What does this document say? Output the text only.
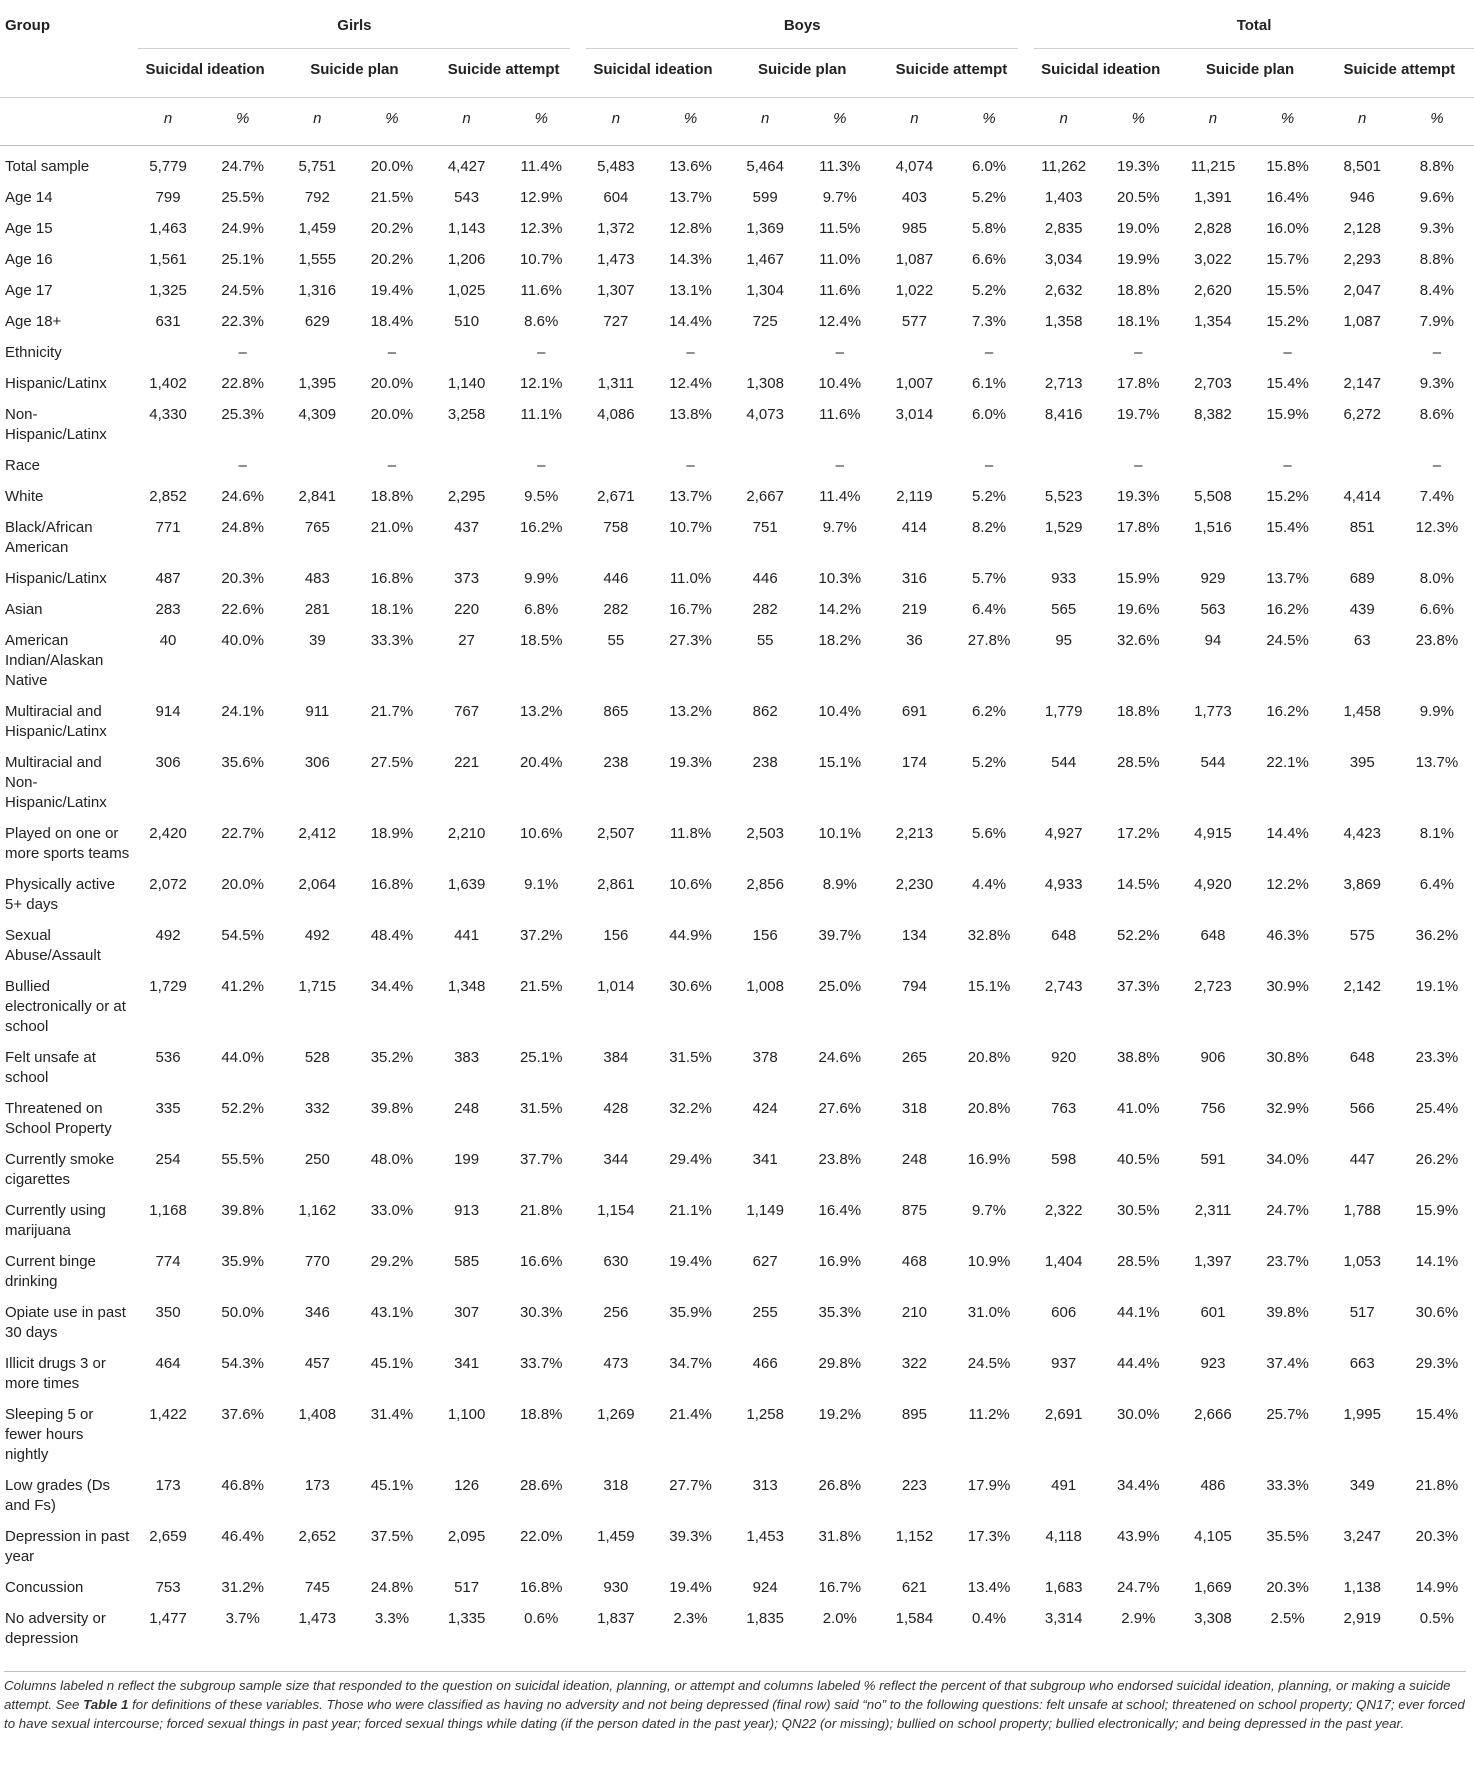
Group	Girls						Boys						Total					

	Suicidal ideation		Suicide plan		Suicide attempt		Suicidal ideation		Suicide plan		Suicide attempt		Suicidal ideation		Suicide plan		Suicide attempt	

	n	%	n	%	n	%	n	%	n	%	n	%	n	%	n	%	n	%
Total sample	5,779	24.7%	5,751	20.0%	4,427	11.4%	5,483	13.6%	5,464	11.3%	4,074	6.0%	11,262	19.3%	11,215	15.8%	8,501	8.8%
Age 14	799	25.5%	792	21.5%	543	12.9%	604	13.7%	599	9.7%	403	5.2%	1,403	20.5%	1,391	16.4%	946	9.6%
Age 15	1,463	24.9%	1,459	20.2%	1,143	12.3%	1,372	12.8%	1,369	11.5%	985	5.8%	2,835	19.0%	2,828	16.0%	2,128	9.3%
Age 16	1,561	25.1%	1,555	20.2%	1,206	10.7%	1,473	14.3%	1,467	11.0%	1,087	6.6%	3,034	19.9%	3,022	15.7%	2,293	8.8%
Age 17	1,325	24.5%	1,316	19.4%	1,025	11.6%	1,307	13.1%	1,304	11.6%	1,022	5.2%	2,632	18.8%	2,620	15.5%	2,047	8.4%
Age 18+	631	22.3%	629	18.4%	510	8.6%	727	14.4%	725	12.4%	577	7.3%	1,358	18.1%	1,354	15.2%	1,087	7.9%
Ethnicity		–		–		–		–		–		–		–		–		–
Hispanic/Latinx	1,402	22.8%	1,395	20.0%	1,140	12.1%	1,311	12.4%	1,308	10.4%	1,007	6.1%	2,713	17.8%	2,703	15.4%	2,147	9.3%
Non-Hispanic/Latinx	4,330	25.3%	4,309	20.0%	3,258	11.1%	4,086	13.8%	4,073	11.6%	3,014	6.0%	8,416	19.7%	8,382	15.9%	6,272	8.6%
Race		–		–		–		–		–		–		–		–		–
White	2,852	24.6%	2,841	18.8%	2,295	9.5%	2,671	13.7%	2,667	11.4%	2,119	5.2%	5,523	19.3%	5,508	15.2%	4,414	7.4%
Black/African American	771	24.8%	765	21.0%	437	16.2%	758	10.7%	751	9.7%	414	8.2%	1,529	17.8%	1,516	15.4%	851	12.3%
Hispanic/Latinx	487	20.3%	483	16.8%	373	9.9%	446	11.0%	446	10.3%	316	5.7%	933	15.9%	929	13.7%	689	8.0%
Asian	283	22.6%	281	18.1%	220	6.8%	282	16.7%	282	14.2%	219	6.4%	565	19.6%	563	16.2%	439	6.6%
American Indian/Alaskan Native	40	40.0%	39	33.3%	27	18.5%	55	27.3%	55	18.2%	36	27.8%	95	32.6%	94	24.5%	63	23.8%
Multiracial and Hispanic/Latinx	914	24.1%	911	21.7%	767	13.2%	865	13.2%	862	10.4%	691	6.2%	1,779	18.8%	1,773	16.2%	1,458	9.9%
Multiracial and Non-Hispanic/Latinx	306	35.6%	306	27.5%	221	20.4%	238	19.3%	238	15.1%	174	5.2%	544	28.5%	544	22.1%	395	13.7%
Played on one or more sports teams	2,420	22.7%	2,412	18.9%	2,210	10.6%	2,507	11.8%	2,503	10.1%	2,213	5.6%	4,927	17.2%	4,915	14.4%	4,423	8.1%
Physically active 5+ days	2,072	20.0%	2,064	16.8%	1,639	9.1%	2,861	10.6%	2,856	8.9%	2,230	4.4%	4,933	14.5%	4,920	12.2%	3,869	6.4%
Sexual Abuse/Assault	492	54.5%	492	48.4%	441	37.2%	156	44.9%	156	39.7%	134	32.8%	648	52.2%	648	46.3%	575	36.2%
Bullied electronically or at school	1,729	41.2%	1,715	34.4%	1,348	21.5%	1,014	30.6%	1,008	25.0%	794	15.1%	2,743	37.3%	2,723	30.9%	2,142	19.1%
Felt unsafe at school	536	44.0%	528	35.2%	383	25.1%	384	31.5%	378	24.6%	265	20.8%	920	38.8%	906	30.8%	648	23.3%
Threatened on School Property	335	52.2%	332	39.8%	248	31.5%	428	32.2%	424	27.6%	318	20.8%	763	41.0%	756	32.9%	566	25.4%
Currently smoke cigarettes	254	55.5%	250	48.0%	199	37.7%	344	29.4%	341	23.8%	248	16.9%	598	40.5%	591	34.0%	447	26.2%
Currently using marijuana	1,168	39.8%	1,162	33.0%	913	21.8%	1,154	21.1%	1,149	16.4%	875	9.7%	2,322	30.5%	2,311	24.7%	1,788	15.9%
Current binge drinking	774	35.9%	770	29.2%	585	16.6%	630	19.4%	627	16.9%	468	10.9%	1,404	28.5%	1,397	23.7%	1,053	14.1%
Opiate use in past 30 days	350	50.0%	346	43.1%	307	30.3%	256	35.9%	255	35.3%	210	31.0%	606	44.1%	601	39.8%	517	30.6%
Illicit drugs 3 or more times	464	54.3%	457	45.1%	341	33.7%	473	34.7%	466	29.8%	322	24.5%	937	44.4%	923	37.4%	663	29.3%
Sleeping 5 or fewer hours nightly	1,422	37.6%	1,408	31.4%	1,100	18.8%	1,269	21.4%	1,258	19.2%	895	11.2%	2,691	30.0%	2,666	25.7%	1,995	15.4%
Low grades (Ds and Fs)	173	46.8%	173	45.1%	126	28.6%	318	27.7%	313	26.8%	223	17.9%	491	34.4%	486	33.3%	349	21.8%
Depression in past year	2,659	46.4%	2,652	37.5%	2,095	22.0%	1,459	39.3%	1,453	31.8%	1,152	17.3%	4,118	43.9%	4,105	35.5%	3,247	20.3%
Concussion	753	31.2%	745	24.8%	517	16.8%	930	19.4%	924	16.7%	621	13.4%	1,683	24.7%	1,669	20.3%	1,138	14.9%
No adversity or depression	1,477	3.7%	1,473	3.3%	1,335	0.6%	1,837	2.3%	1,835	2.0%	1,584	0.4%	3,314	2.9%	3,308	2.5%	2,919	0.5%
Columns labeled n reflect the subgroup sample size that responded to the question on suicidal ideation, planning, or attempt and columns labeled % reflect the percent of that subgroup who endorsed suicidal ideation, planning, or making a suicide attempt. See Table 1 for definitions of these variables. Those who were classified as having no adversity and not being depressed (final row) said “no” to the following questions: felt unsafe at school; threatened on school property; QN17; ever forced to have sexual intercourse; forced sexual things in past year; forced sexual things while dating (if the person dated in the past year); QN22 (or missing); bullied on school property; bullied electronically; and being depressed in the past year.
